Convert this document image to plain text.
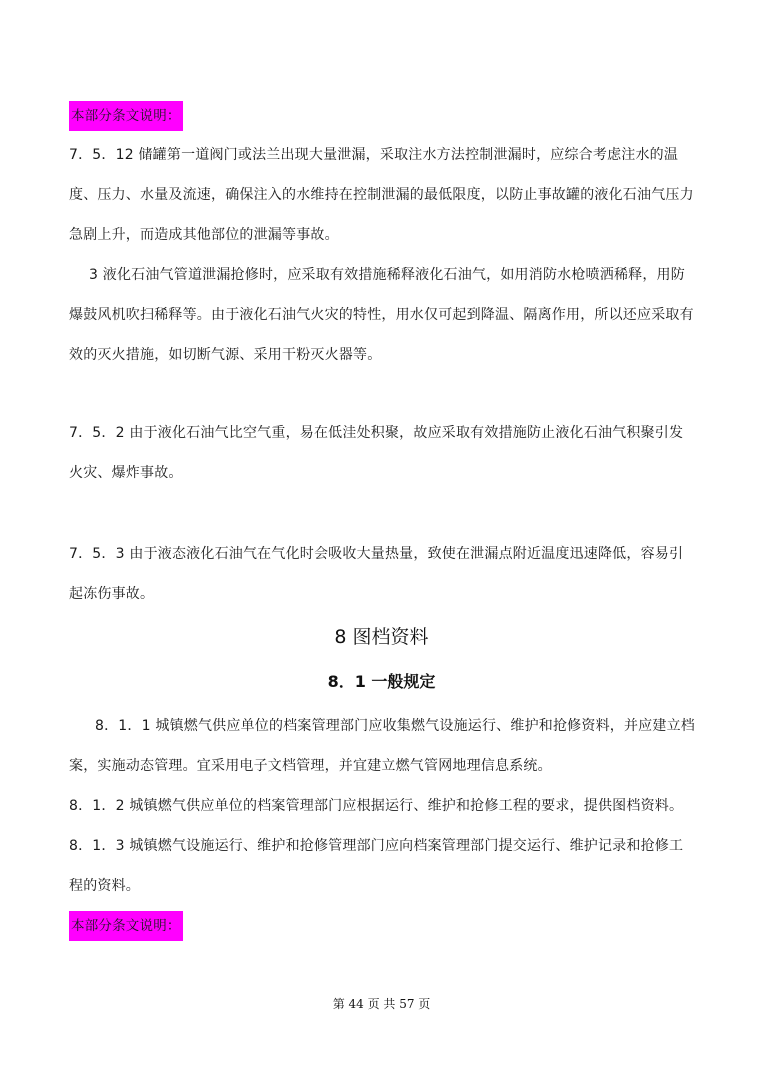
本部分条文说明：

7．5．12 储罐第一道阀门或法兰出现大量泄漏，采取注水方法控制泄漏时，应综合考虑注水的温度、压力、水量及流速，确保注入的水维持在控制泄漏的最低限度，以防止事故罐的液化石油气压力急剧上升，而造成其他部位的泄漏等事故。

3 液化石油气管道泄漏抢修时，应采取有效措施稀释液化石油气，如用消防水枪喷洒稀释，用防爆鼓风机吹扫稀释等。由于液化石油气火灾的特性，用水仅可起到降温、隔离作用，所以还应采取有效的灭火措施，如切断气源、采用干粉灭火器等。

7．5．2 由于液化石油气比空气重，易在低洼处积聚，故应采取有效措施防止液化石油气积聚引发火灾、爆炸事故。

7．5．3 由于液态液化石油气在气化时会吸收大量热量，致使在泄漏点附近温度迅速降低，容易引起冻伤事故。

8 图档资料
8．1 一般规定

8．1．1 城镇燃气供应单位的档案管理部门应收集燃气设施运行、维护和抢修资料，并应建立档案，实施动态管理。宜采用电子文档管理，并宜建立燃气管网地理信息系统。

8．1．2 城镇燃气供应单位的档案管理部门应根据运行、维护和抢修工程的要求，提供图档资料。

8．1．3 城镇燃气设施运行、维护和抢修管理部门应向档案管理部门提交运行、维护记录和抢修工程的资料。

本部分条文说明：
第 44 页 共 57 页
